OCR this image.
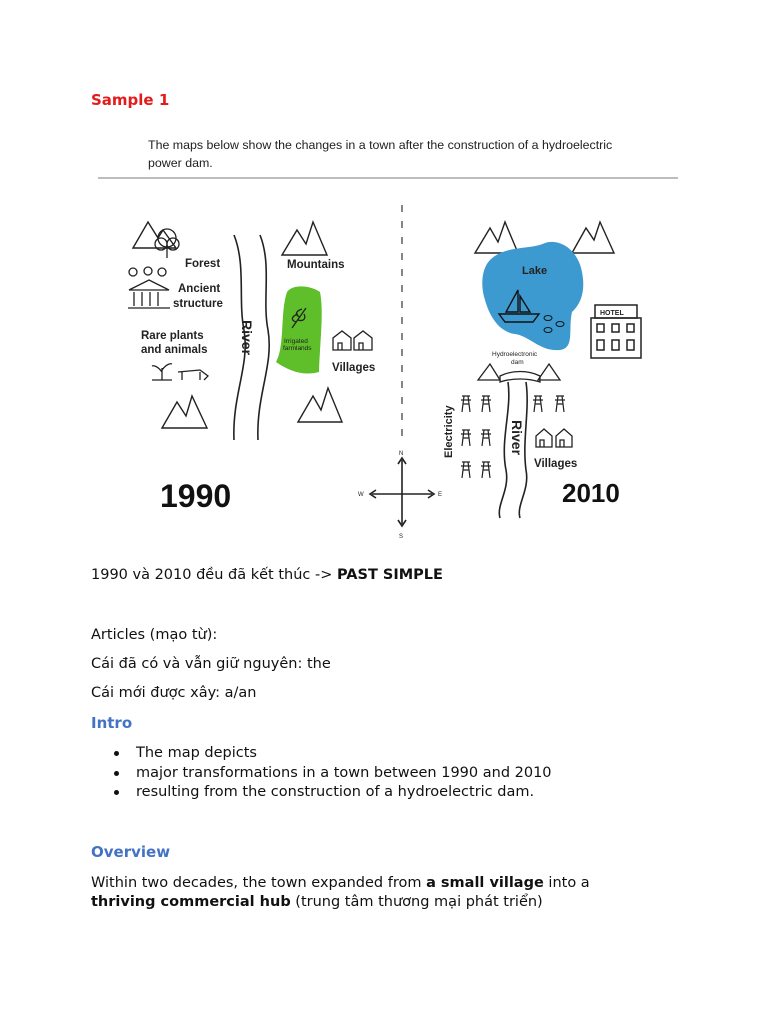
Sample 1

Forest
Ancient
structure
Rare plants
and animals River
Mountains
Irrigated
farmlands
Villages
1990
N
S
E
W
Lake
HOTEL
Hydroelectronic
dam
River
Electricity
Villages
2010
The maps below show the changes in a town after the construction of a hydroelectric
power dam.

1990 và 2010 đều đã kết thúc -> PAST SIMPLE

Articles (mạo từ):

Cái đã có và vẫn giữ nguyên: the

Cái mới được xây: a/an

Intro

The map depicts
major transformations in a town between 1990 and 2010
resulting from the construction of a hydroelectric dam.

Overview

Within two decades, the town expanded from a small village into a

thriving commercial hub (trung tâm thương mại phát triển)
